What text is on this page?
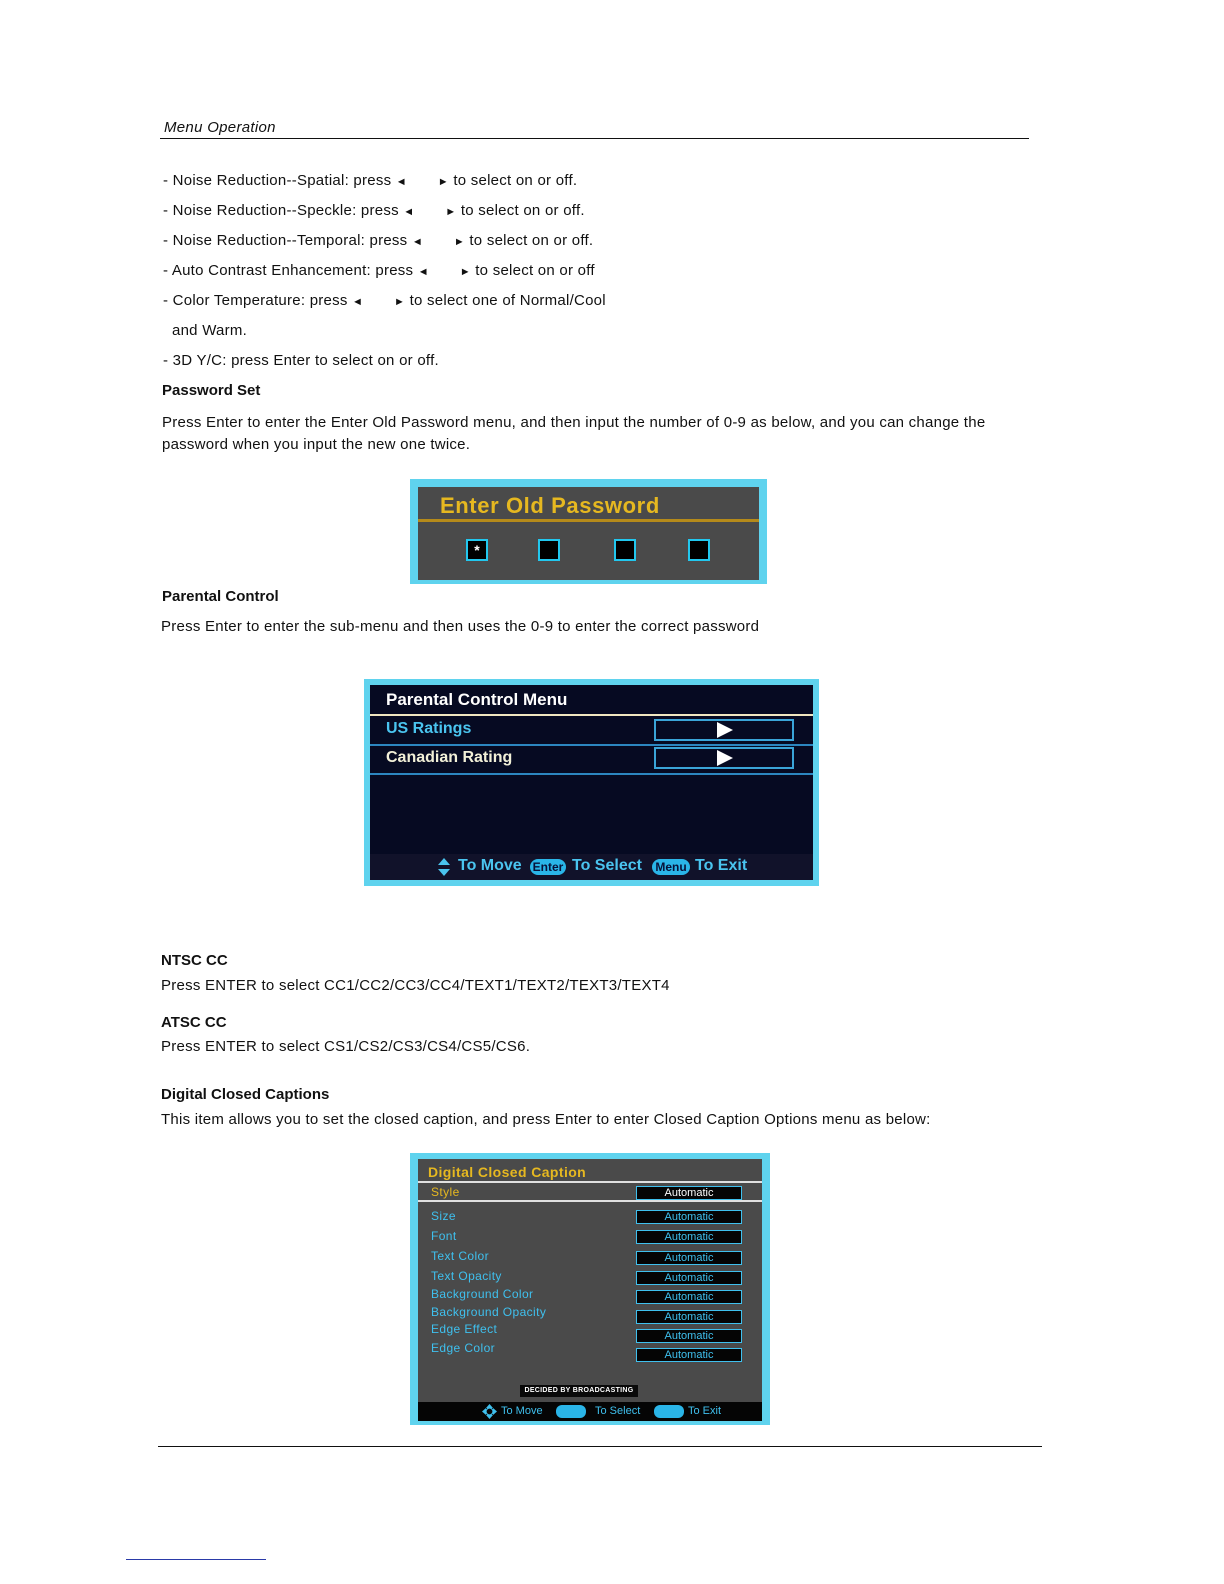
Menu Operation
- Noise Reduction--Spatial: press ◄	► to select on or off.
- Noise Reduction--Speckle: press ◄	► to select on or off.
- Noise Reduction--Temporal: press ◄	► to select on or off.
- Auto Contrast Enhancement: press ◄	► to select on or off
- Color Temperature: press ◄	► to select one of Normal/Cool
and Warm.
- 3D Y/C: press Enter to select on or off.
Password Set
Press Enter to enter the Enter Old Password menu, and then input the number of 0-9 as below, and you can change the
password when you input the new one twice.
Enter Old Password
*
Parental Control
Press Enter to enter the sub-menu and then uses the 0-9 to enter the correct password
Parental Control Menu
US Ratings
Canadian Rating
To Move Enter To Select Menu To Exit
NTSC CC
Press ENTER to select CC1/CC2/CC3/CC4/TEXT1/TEXT2/TEXT3/TEXT4
ATSC CC
Press ENTER to select CS1/CS2/CS3/CS4/CS5/CS6.
Digital Closed Captions
This item allows you to set the closed caption, and press Enter to enter Closed Caption Options menu as below:
Digital Closed Caption
Style	Automatic
Size	Automatic
Font	Automatic
Text Color	Automatic
Text Opacity	Automatic
Background Color	Automatic
Background Opacity	Automatic
Edge Effect	Automatic
Edge Color	Automatic
DECIDED BY BROADCASTING
To Move	To Select	To Exit
